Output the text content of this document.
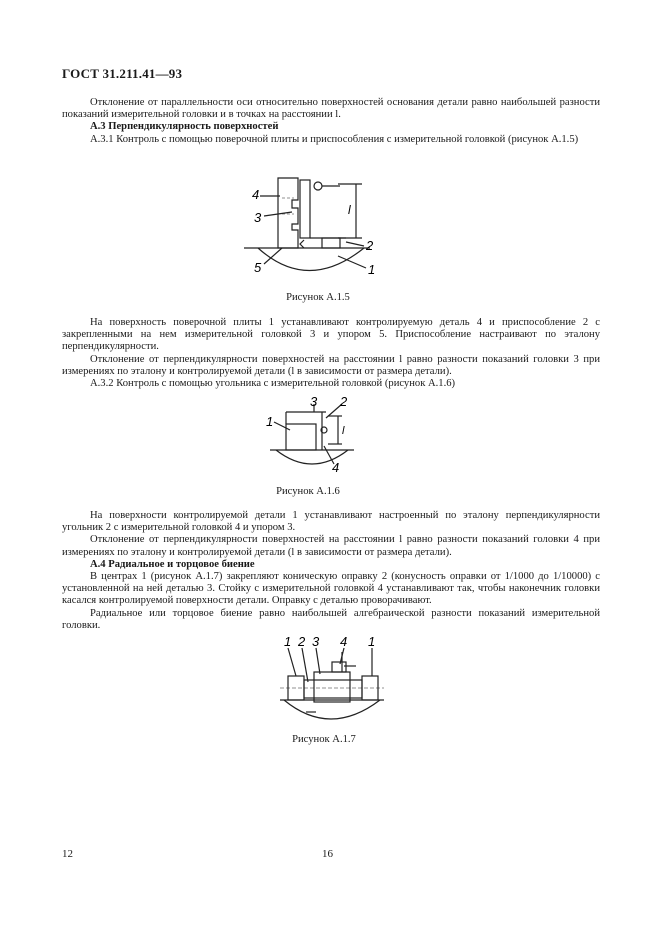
ГОСТ 31.211.41—93

Отклонение от параллельности оси относительно поверхностей основания детали равно наибольшей разности показаний измерительной головки и в точках на расстоянии l.

А.3 Перпендикулярность поверхностей

А.3.1 Контроль с помощью поверочной плиты и приспособления с измерительной головкой (рисунок А.1.5)

4
3
5
2
1
l
Рисунок А.1.5

На поверхность поверочной плиты 1 устанавливают контролируемую деталь 4 и приспособление 2 с закрепленными на нем измерительной головкой 3 и упором 5. Приспособление настраивают по эталону перпендикулярности.

Отклонение от перпендикулярности поверхностей на расстоянии l равно разности показаний головки 3 при измерениях по эталону и контролируемой детали (l в зависимости от размера детали).

А.3.2 Контроль с помощью угольника с измерительной головкой (рисунок А.1.6)

1
3 2
4
l
Рисунок А.1.6

На поверхности контролируемой детали 1 устанавливают настроенный по эталону перпендикулярности угольник 2 с измерительной головкой 4 и упором 3.

Отклонение от перпендикулярности поверхностей на расстоянии l равно разности показаний головки 4 при измерениях по эталону и контролируемой детали (l в зависимости от размера детали).

А.4 Радиальное и торцовое биение

В центрах 1 (рисунок А.1.7) закрепляют коническую оправку 2 (конусность оправки от 1/1000 до 1/10000) с установленной на ней деталью 3. Стойку с измерительной головкой 4 устанавливают так, чтобы наконечник головки касался контролируемой поверхности детали. Оправку с деталью проворачивают.

Радиальное или торцовое биение равно наибольшей алгебраической разности показаний измерительной головки.

1 2 3 4 1
Рисунок А.1.7
12	16
